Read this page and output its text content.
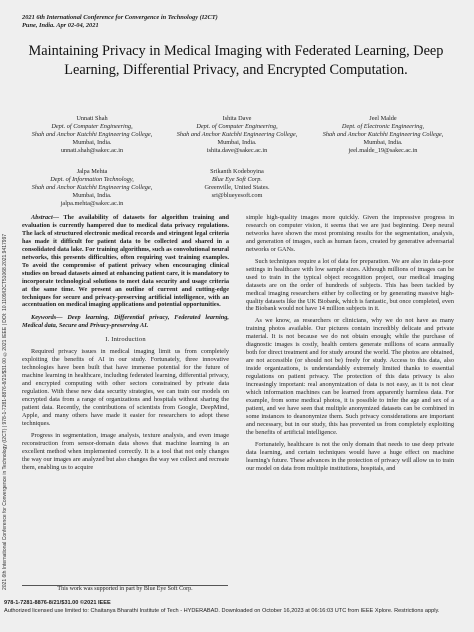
2021 6th International Conference for Convergence in Technology (I2CT) | 978-1-7281-8876-8/21/$31.00 ©2021 IEEE | DOI: 10.1109/I2CT51068.2021.9417997
2021 6th International Conference for Convergence in Technology (I2CT)
Pune, India. Apr 02-04, 2021
Maintaining Privacy in Medical Imaging with Federated Learning, Deep Learning, Differential Privacy, and Encrypted Computation.
Unnati Shah
Dept. of Computer Engineering,
Shah and Anchor Kutchhi Engineering College,
Mumbai, India.
unnati.shah@sakec.ac.in
Ishita Dave
Dept. of Computer Engineering,
Shah and Anchor Kutchhi Engineering College,
Mumbai, India.
ishita.dave@sakec.ac.in
Jeel Malde
Dept. of Electronic Engineering,
Shah and Anchor Kutchhi Engineering College,
Mumbai, India.
jeel.malde_19@sakec.ac.in
Jalpa Mehta
Dept. of Information Technology,
Shah and Anchor Kutchhi Engineering College,
Mumbai, India.
jalpa.mehta@sakec.ac.in
Srikanth Kodeboyina
Blue Eye Soft Corp.
Greenville, United States.
sri@blueyesoft.com

Abstract— The availability of datasets for algorithm training and evaluation is currently hampered due to medical data privacy regulations. The lack of structured electronic medical records and stringent legal criteria has made it difficult for patient data to be collected and shared in a consolidated data lake. For training algorithms, such as convolutional neural networks, this presents difficulties, often requiring vast training examples. To avoid the compromise of patient privacy when encouraging clinical studies on broad datasets aimed at enhancing patient care, it is mandatory to incorporate technological solutions to meet data security and usage criteria at the same time. We present an outline of current and cutting-edge techniques for secure and privacy-preserving artificial intelligence, with an accentuation on medical imaging applications and potential opportunities.

Keywords— Deep learning, Differential privacy, Federated learning, Medical data, Secure and Privacy-preserving AI.

I. Introduction

Required privacy issues in medical imaging limit us from completely exploiting the benefits of AI in our study. Fortunately, three innovative technologies have been built that have immense potential for the future of machine learning in healthcare, including federated learning, differential privacy, and encrypted computing with other sectors constrained by private data regulation. With these new data security strategies, we can train our models on encrypted data from a range of organizations and hospitals without sharing the patient data. Recently, the contributions of scientists from Google, DeepMind, Apple, and many others have made it easier for researchers to adopt these techniques.

Progress in segmentation, image analysis, texture analysis, and even image reconstruction from sensor-domain data shows that machine learning is an excellent method when implemented correctly. It is a tool that not only changes the way our images are analyzed but also changes the way we collect and recreate them, enabling us to acquire

This work was supported in part by Blue Eye Soft Corp.

simple high-quality images more quickly. Given the impressive progress in research on computer vision, it seems that we are just beginning. Deep neural networks have shown the most promising results for the segmentation, analysis, and generation of images, such as human faces, created by generative adversarial networks or GANs.

Such techniques require a lot of data for preparation. We are also in data-poor settings in healthcare with low sample sizes. Although millions of images can be used to train in the typical object recognition project, our medical imaging datasets are on the order of hundreds of subjects. This has been tackled by medical imaging researchers either by collecting or by generating massive high-quality datasets like the UK Biobank, which is fantastic, but once completed, even the Biobank would not have 14 million subjects in it.

As we know, as researchers or clinicians, why we do not have as many training photos available. Our pictures contain incredibly delicate and private material. It is not because we do not obtain enough; while the purchase of diagnostic images is costly, health centers generate millions of scans annually both for direct treatment and for study around the world. The photos are obtained, are not accessible (or should not be) freely for study. Access to this data, also inside organizations, is understandably extremely limited thanks to essential regulations on patient privacy. The protection of this data privacy is also increasingly important: real anonymization of data is not easy, as it is not clear which information machines can be learned from apparently harmless data. For example, from some medical photos, it is possible to infer the age and sex of a patient, and we have seen that multiple anonymized datasets can be combined in some instances to deanonymize them. Such privacy considerations are important and necessary, but in our study, this has prevented us from completely exploiting the benefits of artificial intelligence.

Fortunately, healthcare is not the only domain that needs to use deep private data learning, and certain techniques would have a huge effect on machine learning's future. These advances in the protection of privacy will allow us to train our model on data from multiple institutions, hospitals, and

978-1-7281-8876-8/21/$31.00 ©2021 IEEE
Authorized licensed use limited to: Chaitanya Bharathi Institute of Tech - HYDERABAD. Downloaded on October 16,2023 at 06:16:03 UTC from IEEE Xplore. Restrictions apply.
